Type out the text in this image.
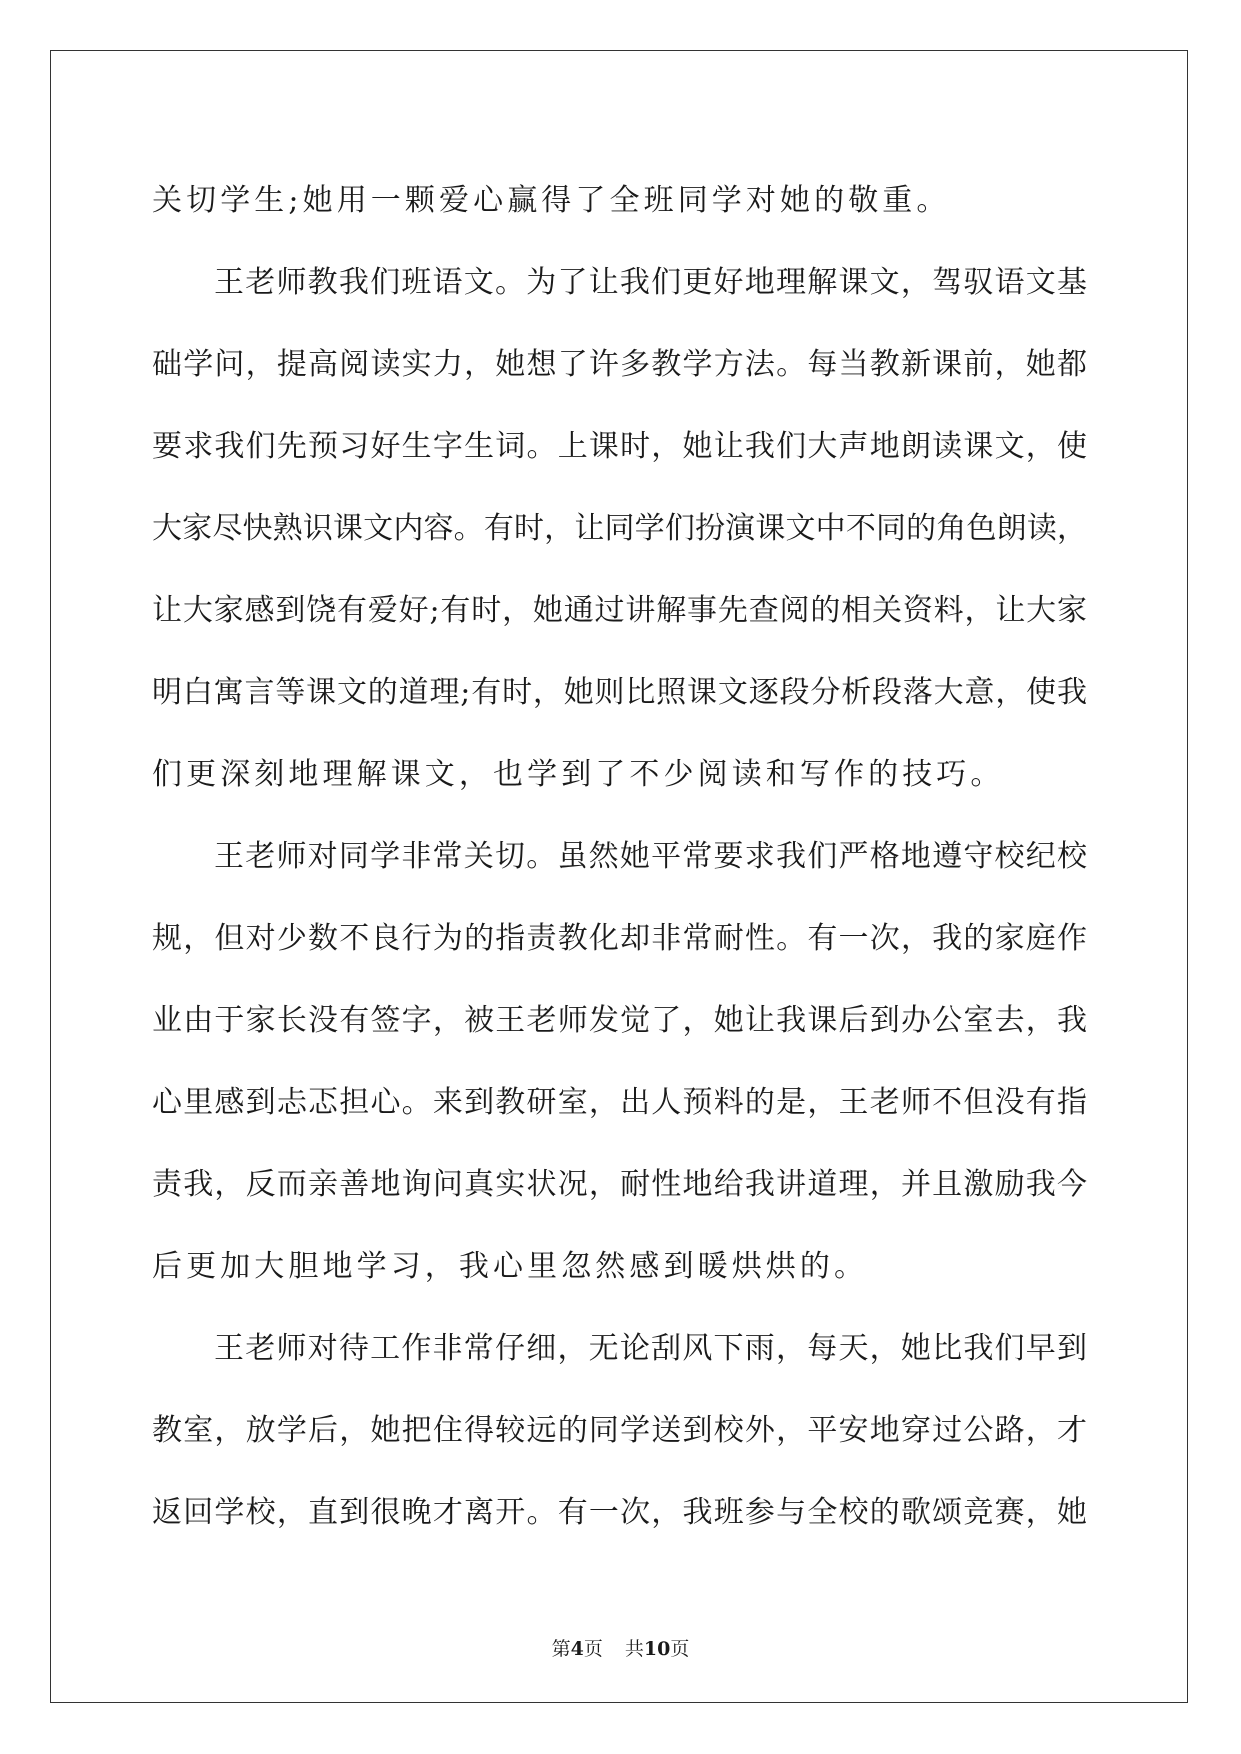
关切学生;她用一颗爱心赢得了全班同学对她的敬重。
王老师教我们班语文。为了让我们更好地理解课文，驾驭语文基
础学问，提高阅读实力，她想了许多教学方法。每当教新课前，她都
要求我们先预习好生字生词。上课时，她让我们大声地朗读课文，使
大家尽快熟识课文内容。有时，让同学们扮演课文中不同的角色朗读，
让大家感到饶有爱好;有时，她通过讲解事先查阅的相关资料，让大家
明白寓言等课文的道理;有时，她则比照课文逐段分析段落大意，使我
们更深刻地理解课文，也学到了不少阅读和写作的技巧。
王老师对同学非常关切。虽然她平常要求我们严格地遵守校纪校
规，但对少数不良行为的指责教化却非常耐性。有一次，我的家庭作
业由于家长没有签字，被王老师发觉了，她让我课后到办公室去，我
心里感到忐忑担心。来到教研室，出人预料的是，王老师不但没有指
责我，反而亲善地询问真实状况，耐性地给我讲道理，并且激励我今
后更加大胆地学习，我心里忽然感到暖烘烘的。
王老师对待工作非常仔细，无论刮风下雨，每天，她比我们早到
教室，放学后，她把住得较远的同学送到校外，平安地穿过公路，才
返回学校，直到很晚才离开。有一次，我班参与全校的歌颂竞赛，她
第4页 共10页
